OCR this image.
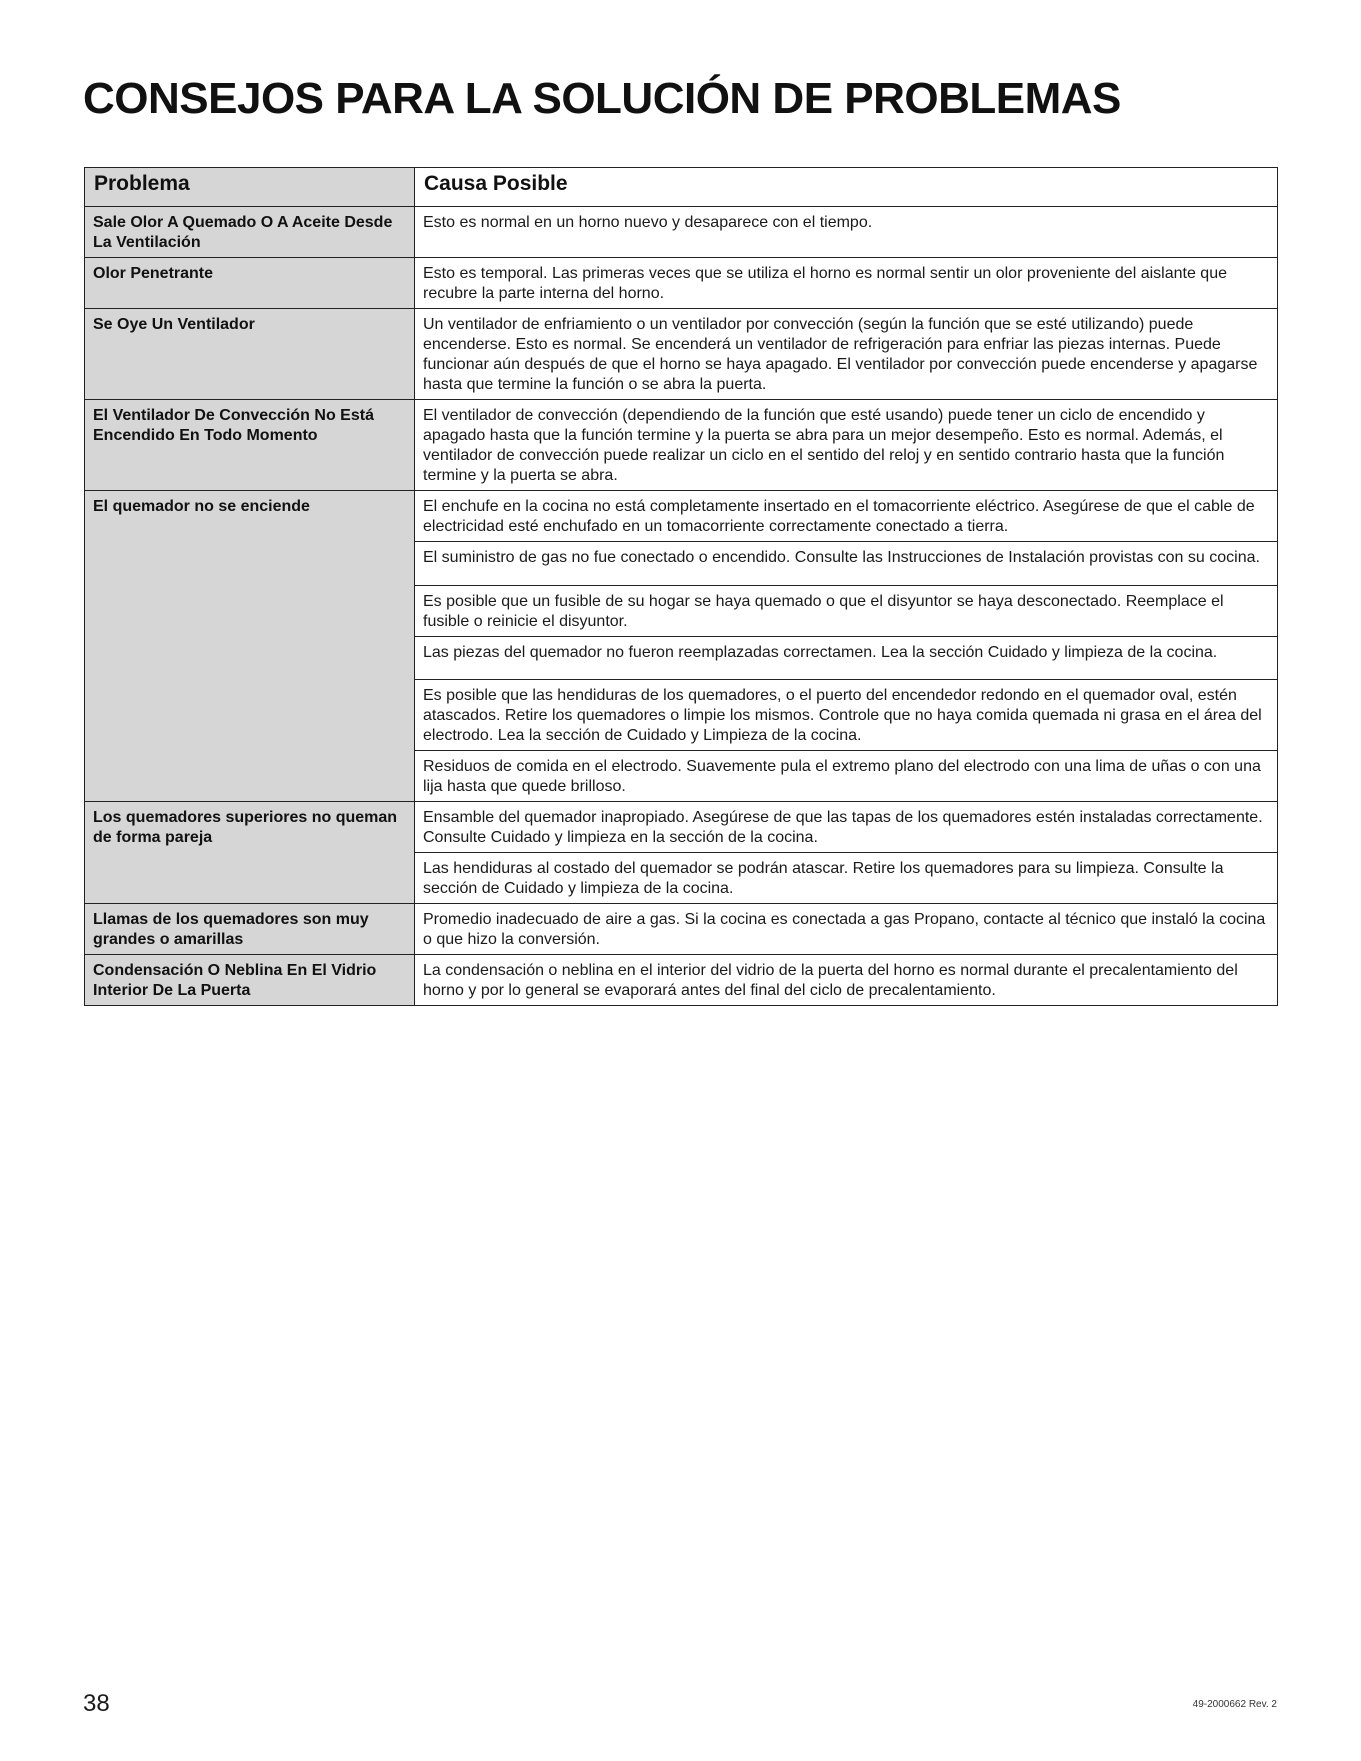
CONSEJOS PARA LA SOLUCIÓN DE PROBLEMAS
Problema	Causa Posible
Sale Olor A Quemado O A Aceite Desde La Ventilación	Esto es normal en un horno nuevo y desaparece con el tiempo.
Olor Penetrante	Esto es temporal. Las primeras veces que se utiliza el horno es normal sentir un olor proveniente del aislante que recubre la parte interna del horno.
Se Oye Un Ventilador	Un ventilador de enfriamiento o un ventilador por convección (según la función que se esté utilizando) puede encenderse. Esto es normal. Se encenderá un ventilador de refrigeración para enfriar las piezas internas. Puede funcionar aún después de que el horno se haya apagado. El ventilador por convección puede encenderse y apagarse hasta que termine la función o se abra la puerta.
El Ventilador De Convección No Está Encendido En Todo Momento	El ventilador de convección (dependiendo de la función que esté usando) puede tener un ciclo de encendido y apagado hasta que la función termine y la puerta se abra para un mejor desempeño. Esto es normal. Además, el ventilador de convección puede realizar un ciclo en el sentido del reloj y en sentido contrario hasta que la función termine y la puerta se abra.
El quemador no se enciende	El enchufe en la cocina no está completamente insertado en el tomacorriente eléctrico. Asegúrese de que el cable de electricidad esté enchufado en un tomacorriente correctamente conectado a tierra.
	El suministro de gas no fue conectado o encendido. Consulte las Instrucciones de Instalación provistas con su cocina.
	Es posible que un fusible de su hogar se haya quemado o que el disyuntor se haya desconectado. Reemplace el fusible o reinicie el disyuntor.
	Las piezas del quemador no fueron reemplazadas correctamen. Lea la sección Cuidado y limpieza de la cocina.
	Es posible que las hendiduras de los quemadores, o el puerto del encendedor redondo en el quemador oval, estén atascados. Retire los quemadores o limpie los mismos. Controle que no haya comida quemada ni grasa en el área del electrodo. Lea la sección de Cuidado y Limpieza de la cocina.
	Residuos de comida en el electrodo. Suavemente pula el extremo plano del electrodo con una lima de uñas o con una lija hasta que quede brilloso.
Los quemadores superiores no queman de forma pareja	Ensamble del quemador inapropiado. Asegúrese de que las tapas de los quemadores estén instaladas correctamente. Consulte Cuidado y limpieza en la sección de la cocina.
	Las hendiduras al costado del quemador se podrán atascar. Retire los quemadores para su limpieza. Consulte la sección de Cuidado y limpieza de la cocina.
Llamas de los quemadores son muy grandes o amarillas	Promedio inadecuado de aire a gas. Si la cocina es conectada a gas Propano, contacte al técnico que instaló la cocina o que hizo la conversión.
Condensación O Neblina En El Vidrio Interior De La Puerta	La condensación o neblina en el interior del vidrio de la puerta del horno es normal durante el precalentamiento del horno y por lo general se evaporará antes del final del ciclo de precalentamiento.
38	49-2000662 Rev. 2
